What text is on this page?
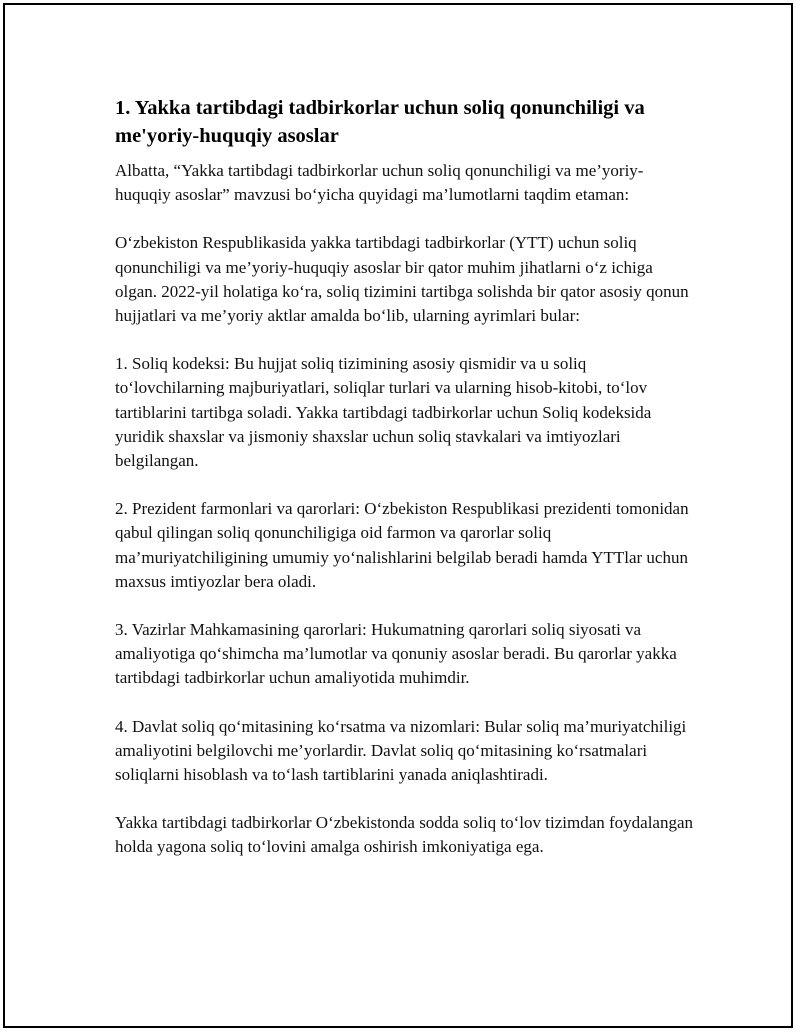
1. Yakka tartibdagi tadbirkorlar uchun soliq qonunchiligi va me'yoriy-huquqiy asoslar

Albatta, “Yakka tartibdagi tadbirkorlar uchun soliq qonunchiligi va me’yoriy-huquqiy asoslar” mavzusi bo‘yicha quyidagi ma’lumotlarni taqdim etaman:

O‘zbekiston Respublikasida yakka tartibdagi tadbirkorlar (YTT) uchun soliq qonunchiligi va me’yoriy-huquqiy asoslar bir qator muhim jihatlarni o‘z ichiga olgan. 2022-yil holatiga ko‘ra, soliq tizimini tartibga solishda bir qator asosiy qonun hujjatlari va me’yoriy aktlar amalda bo‘lib, ularning ayrimlari bular:

1. Soliq kodeksi: Bu hujjat soliq tizimining asosiy qismidir va u soliq to‘lovchilarning majburiyatlari, soliqlar turlari va ularning hisob-kitobi, to‘lov tartiblarini tartibga soladi. Yakka tartibdagi tadbirkorlar uchun Soliq kodeksida yuridik shaxslar va jismoniy shaxslar uchun soliq stavkalari va imtiyozlari belgilangan.

2. Prezident farmonlari va qarorlari: O‘zbekiston Respublikasi prezidenti tomonidan qabul qilingan soliq qonunchiligiga oid farmon va qarorlar soliq ma’muriyatchiligining umumiy yo‘nalishlarini belgilab beradi hamda YTTlar uchun maxsus imtiyozlar bera oladi.

3. Vazirlar Mahkamasining qarorlari: Hukumatning qarorlari soliq siyosati va amaliyotiga qo‘shimcha ma’lumotlar va qonuniy asoslar beradi. Bu qarorlar yakka tartibdagi tadbirkorlar uchun amaliyotida muhimdir.

4. Davlat soliq qo‘mitasining ko‘rsatma va nizomlari: Bular soliq ma’muriyatchiligi amaliyotini belgilovchi me’yorlardir. Davlat soliq qo‘mitasining ko‘rsatmalari soliqlarni hisoblash va to‘lash tartiblarini yanada aniqlashtiradi.

Yakka tartibdagi tadbirkorlar O‘zbekistonda sodda soliq to‘lov tizimdan foydalangan holda yagona soliq to‘lovini amalga oshirish imkoniyatiga ega.
